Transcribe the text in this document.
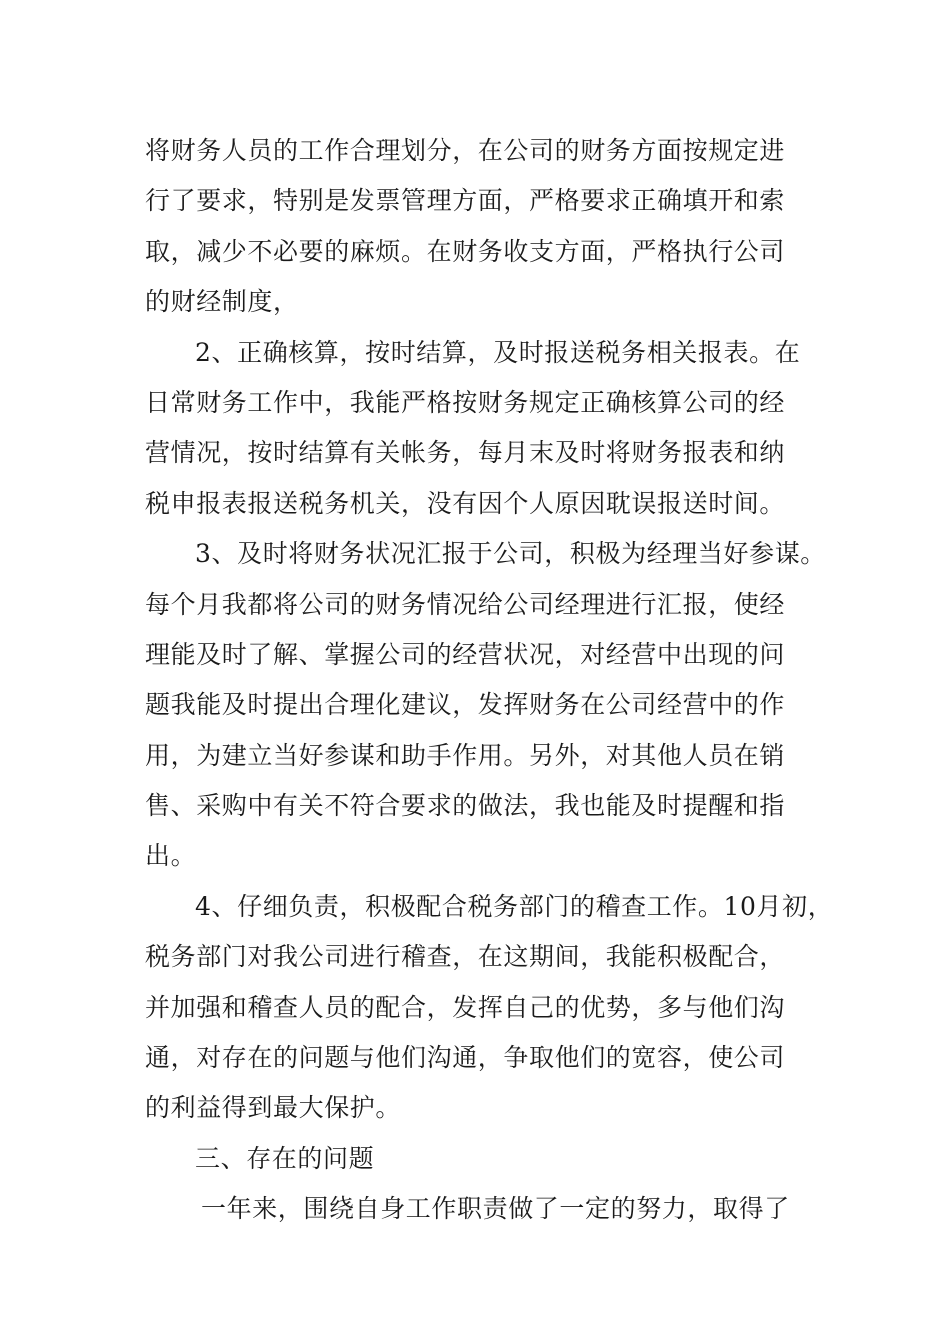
将财务人员的工作合理划分，在公司的财务方面按规定进
行了要求，特别是发票管理方面，严格要求正确填开和索
取，减少不必要的麻烦。在财务收支方面，严格执行公司
的财经制度，
2、正确核算，按时结算，及时报送税务相关报表。在
日常财务工作中，我能严格按财务规定正确核算公司的经
营情况，按时结算有关帐务，每月末及时将财务报表和纳
税申报表报送税务机关，没有因个人原因耽误报送时间。
3、及时将财务状况汇报于公司，积极为经理当好参谋。
每个月我都将公司的财务情况给公司经理进行汇报，使经
理能及时了解、掌握公司的经营状况，对经营中出现的问
题我能及时提出合理化建议，发挥财务在公司经营中的作
用，为建立当好参谋和助手作用。另外，对其他人员在销
售、采购中有关不符合要求的做法，我也能及时提醒和指
出。
4、仔细负责，积极配合税务部门的稽查工作。10月初，
税务部门对我公司进行稽查，在这期间，我能积极配合，
并加强和稽查人员的配合，发挥自己的优势，多与他们沟
通，对存在的问题与他们沟通，争取他们的宽容，使公司
的利益得到最大保护。
三、存在的问题
一年来，围绕自身工作职责做了一定的努力，取得了
